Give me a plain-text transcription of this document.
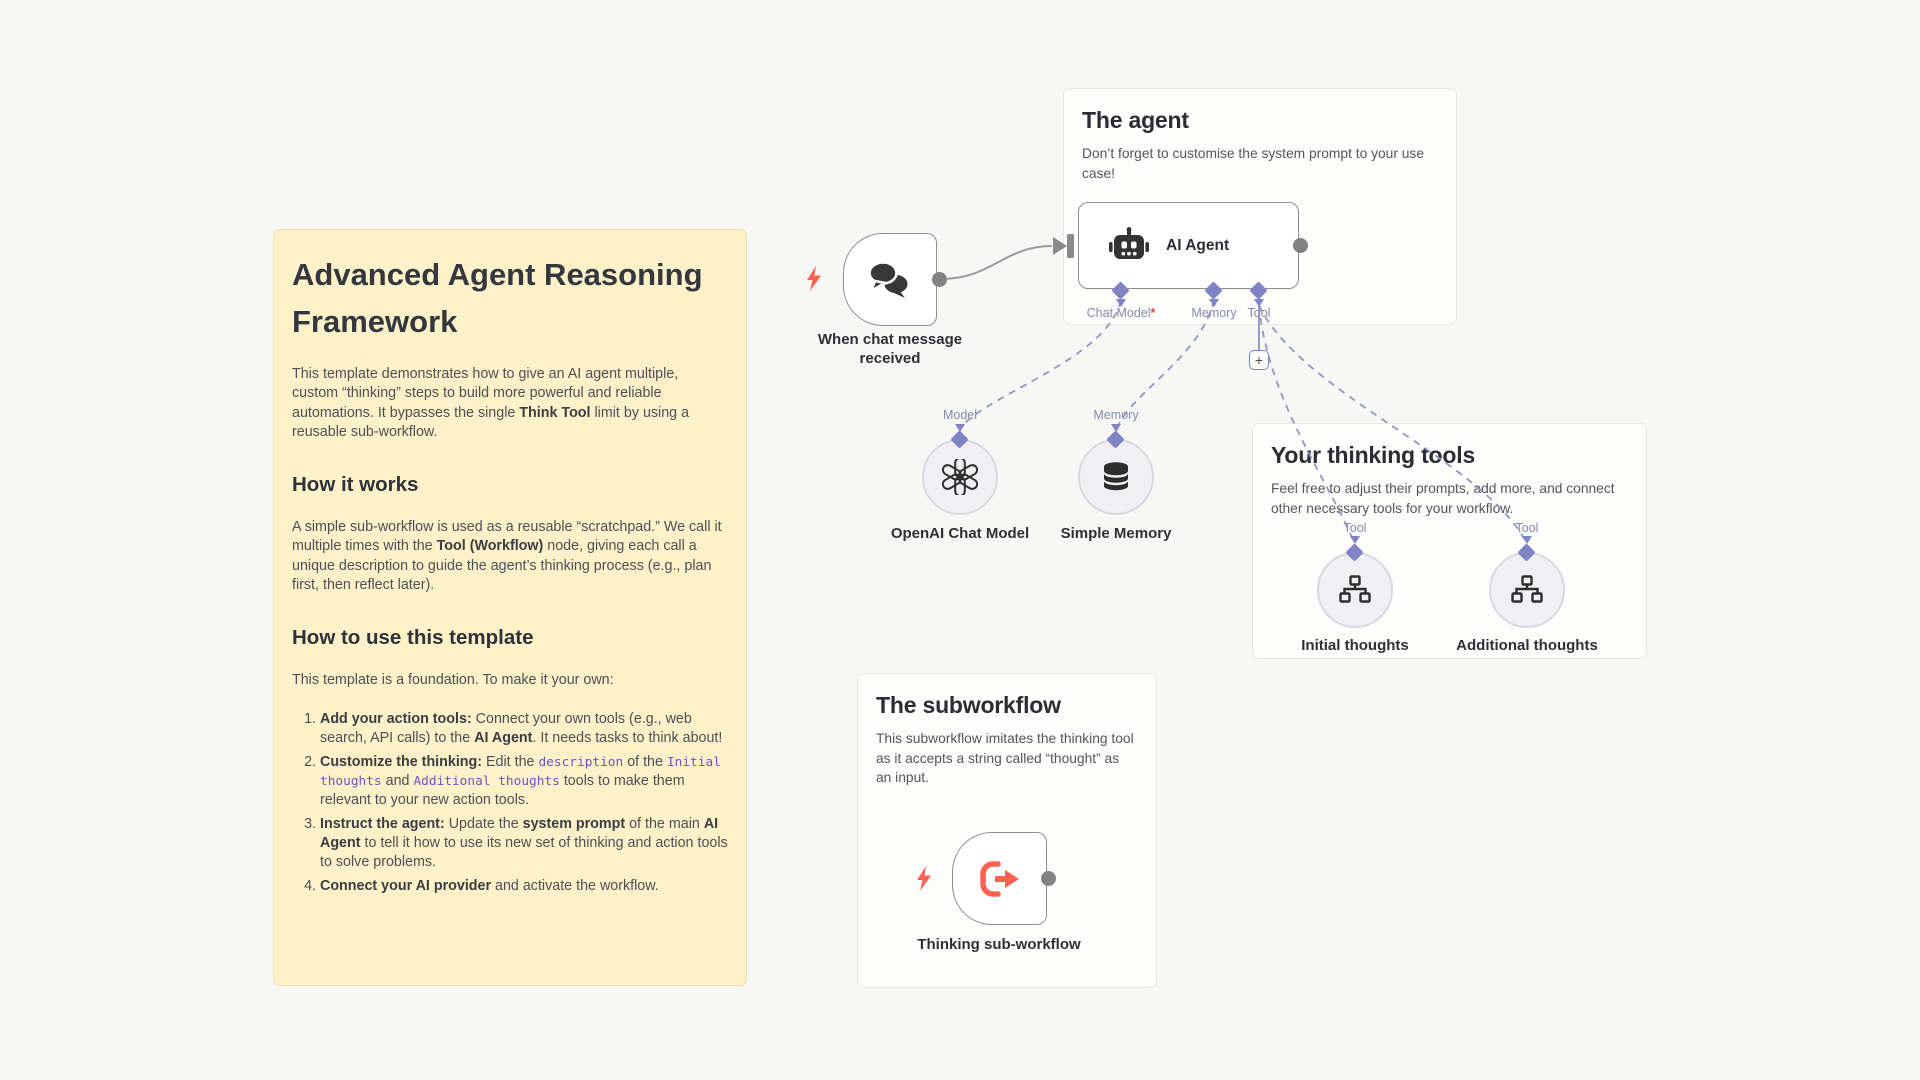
Advanced Agent Reasoning Framework

This template demonstrates how to give an AI agent multiple, custom “thinking” steps to build more powerful and reliable automations. It bypasses the single Think Tool limit by using a reusable sub-workflow.

How it works

A simple sub-workflow is used as a reusable “scratchpad.” We call it multiple times with the Tool (Workflow) node, giving each call a unique description to guide the agent’s thinking process (e.g., plan first, then reflect later).

How to use this template

This template is a foundation. To make it your own:

1. Add your action tools: Connect your own tools (e.g., web search, API calls) to the AI Agent. It needs tasks to think about!
2. Customize the thinking: Edit the description of the Initial thoughts and Additional thoughts tools to make them relevant to your new action tools.
3. Instruct the agent: Update the system prompt of the main AI Agent to tell it how to use its new set of thinking and action tools to solve problems.
4. Connect your AI provider and activate the workflow.
The agent

Don’t forget to customise the system prompt to your use case!

Your thinking tools

Feel free to adjust their prompts, add more, and connect other necessary tools for your workflow.

The subworkflow

This subworkflow imitates the thinking tool as it accepts a string called “thought” as an input.

When chat message received
AI Agent
Chat Model*	Memory Tool
+
Model
OpenAI Chat Model
Memory
Simple Memory	Tool
Initial thoughts
Tool
Additional thoughts
Thinking sub-workflow
